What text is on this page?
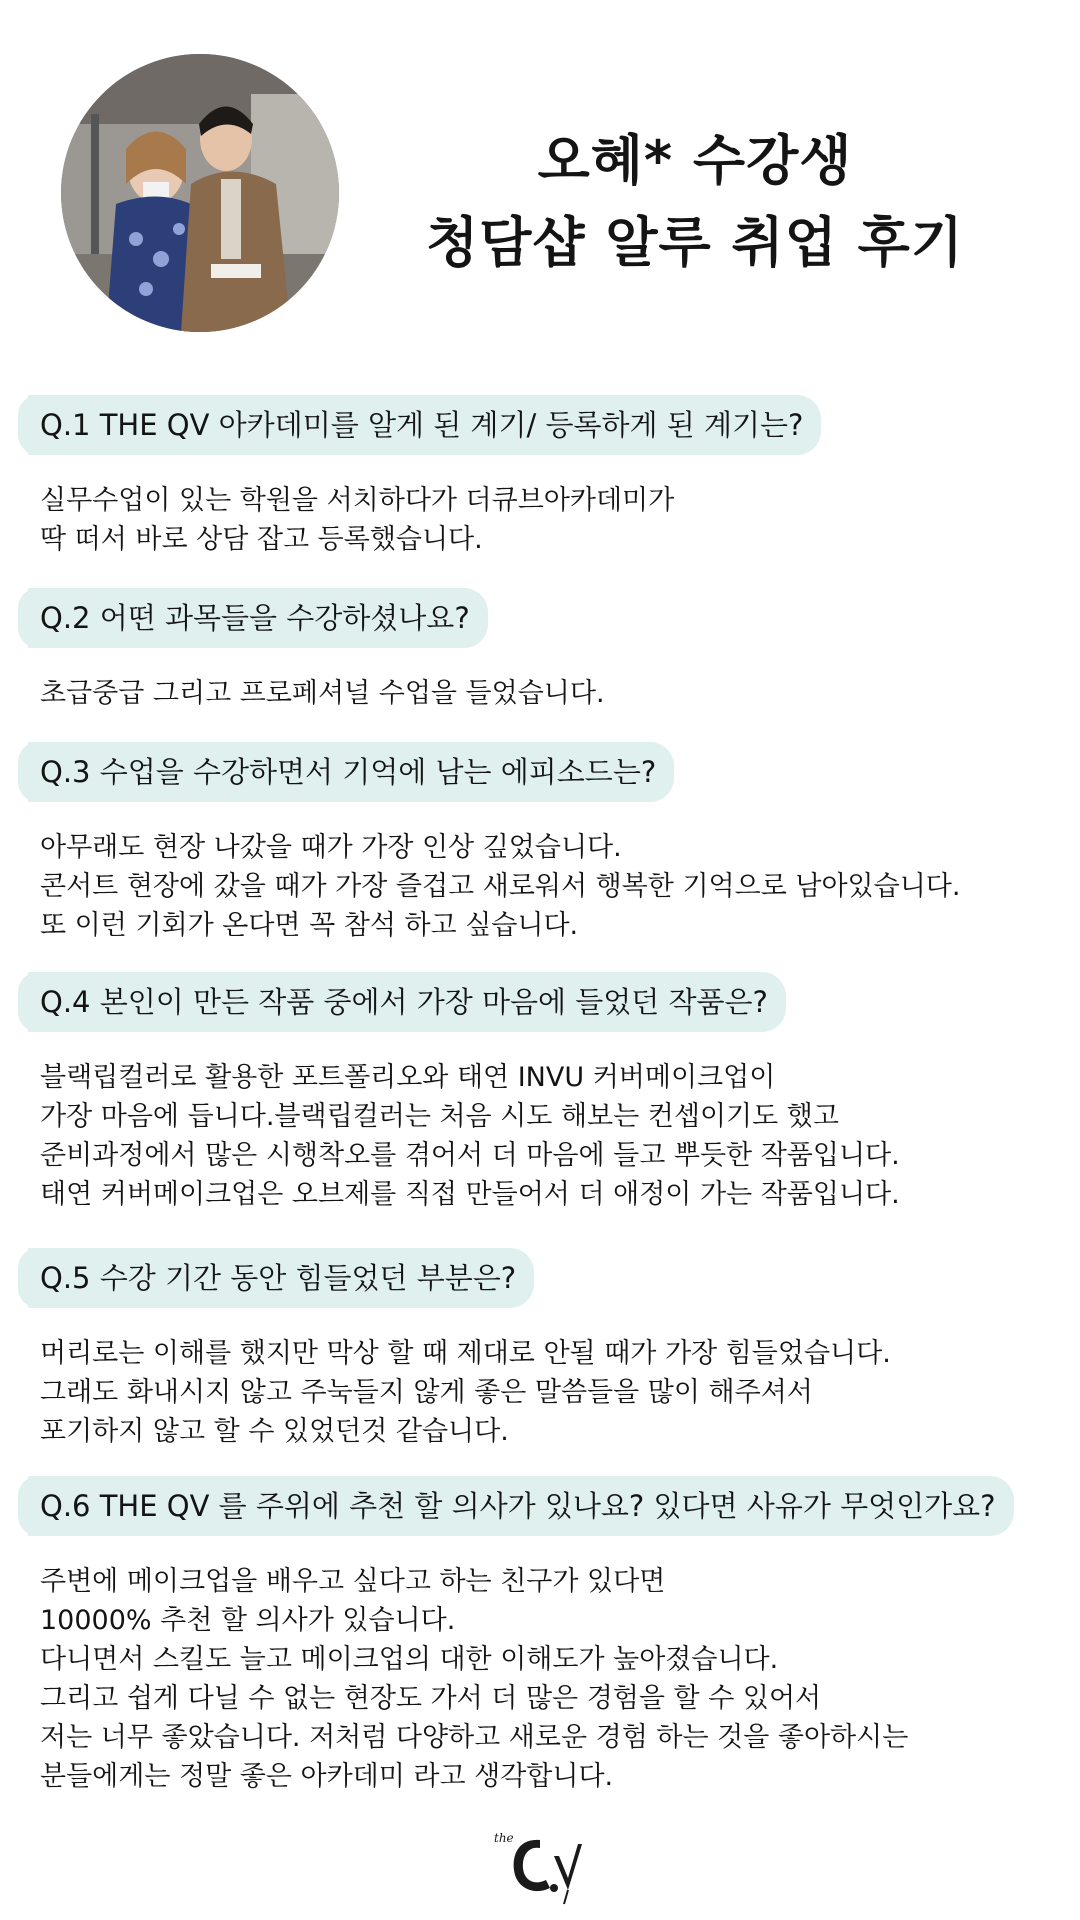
오혜* 수강생
청담샵 알루 취업 후기
Q.1 THE QV 아카데미를 알게 된 계기/ 등록하게 된 계기는?
실무수업이 있는 학원을 서치하다가 더큐브아카데미가
딱 떠서 바로 상담 잡고 등록했습니다.
Q.2 어떤 과목들을 수강하셨나요?
초급중급 그리고 프로페셔널 수업을 들었습니다.
Q.3 수업을 수강하면서 기억에 남는 에피소드는?
아무래도 현장 나갔을 때가 가장 인상 깊었습니다.
콘서트 현장에 갔을 때가 가장 즐겁고 새로워서 행복한 기억으로 남아있습니다.
또 이런 기회가 온다면 꼭 참석 하고 싶습니다.
Q.4 본인이 만든 작품 중에서 가장 마음에 들었던 작품은?
블랙립컬러로 활용한 포트폴리오와 태연 INVU 커버메이크업이
가장 마음에 듭니다.블랙립컬러는 처음 시도 해보는 컨셉이기도 했고
준비과정에서 많은 시행착오를 겪어서 더 마음에 들고 뿌듯한 작품입니다.
태연 커버메이크업은 오브제를 직접 만들어서 더 애정이 가는 작품입니다.
Q.5 수강 기간 동안 힘들었던 부분은?
머리로는 이해를 했지만 막상 할 때 제대로 안될 때가 가장 힘들었습니다.
그래도 화내시지 않고 주눅들지 않게 좋은 말씀들을 많이 해주셔서
포기하지 않고 할 수 있었던것 같습니다.
Q.6 THE QV 를 주위에 추천 할 의사가 있나요? 있다면 사유가 무엇인가요?
주변에 메이크업을 배우고 싶다고 하는 친구가 있다면
10000% 추천 할 의사가 있습니다.
다니면서 스킬도 늘고 메이크업의 대한 이해도가 높아졌습니다.
그리고 쉽게 다닐 수 없는 현장도 가서 더 많은 경험을 할 수 있어서
저는 너무 좋았습니다. 저처럼 다양하고 새로운 경험 하는 것을 좋아하시는
분들에게는 정말 좋은 아카데미 라고 생각합니다.
the
